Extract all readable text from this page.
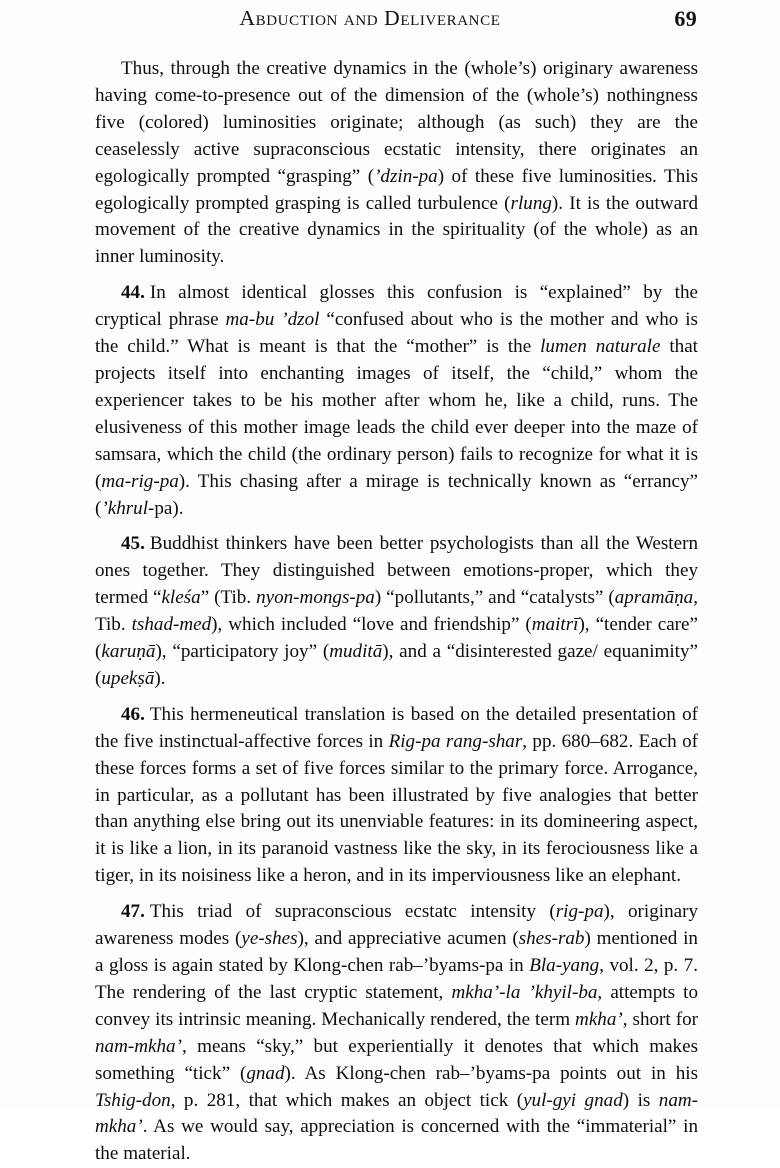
Abduction and Deliverance	69

Thus, through the creative dynamics in the (whole’s) originary awareness having come-to-presence out of the dimension of the (whole’s) nothingness five (colored) luminosities originate; although (as such) they are the ceaselessly active supraconscious ecstatic intensity, there originates an egologically prompted “grasping” (’dzin-pa) of these five luminosities. This egologically prompted grasping is called turbulence (rlung). It is the outward movement of the creative dynamics in the spirituality (of the whole) as an inner luminosity.

44. In almost identical glosses this confusion is “explained” by the cryptical phrase ma-bu ’dzol “confused about who is the mother and who is the child.” What is meant is that the “mother” is the lumen naturale that projects itself into enchanting images of itself, the “child,” whom the experiencer takes to be his mother after whom he, like a child, runs. The elusiveness of this mother image leads the child ever deeper into the maze of samsara, which the child (the ordinary person) fails to recognize for what it is (ma-rig-pa). This chasing after a mirage is technically known as “errancy” (’khrul-pa).

45. Buddhist thinkers have been better psychologists than all the Western ones together. They distinguished between emotions-proper, which they termed “kleśa” (Tib. nyon-mongs-pa) “pollutants,” and “catalysts” (apramāṇa, Tib. tshad-med), which included “love and friendship” (maitrī), “tender care” (karuṇā), “participatory joy” (muditā), and a “disinterested gaze/ equanimity” (upekṣā).

46. This hermeneutical translation is based on the detailed presentation of the five instinctual-affective forces in Rig-pa rang-shar, pp. 680–682. Each of these forces forms a set of five forces similar to the primary force. Arrogance, in particular, as a pollutant has been illustrated by five analogies that better than anything else bring out its unenviable features: in its domineering aspect, it is like a lion, in its paranoid vastness like the sky, in its ferociousness like a tiger, in its noisiness like a heron, and in its imperviousness like an elephant.

47. This triad of supraconscious ecstatc intensity (rig-pa), originary awareness modes (ye-shes), and appreciative acumen (shes-rab) mentioned in a gloss is again stated by Klong-chen rab–’byams-pa in Bla-yang, vol. 2, p. 7. The rendering of the last cryptic statement, mkha’-la ’khyil-ba, attempts to convey its intrinsic meaning. Mechanically rendered, the term mkha’, short for nam-mkha’, means “sky,” but experientially it denotes that which makes something “tick” (gnad). As Klong-chen rab–’byams-pa points out in his Tshig-don, p. 281, that which makes an object tick (yul-gyi gnad) is nam-mkha’. As we would say, appreciation is concerned with the “immaterial” in the material.
